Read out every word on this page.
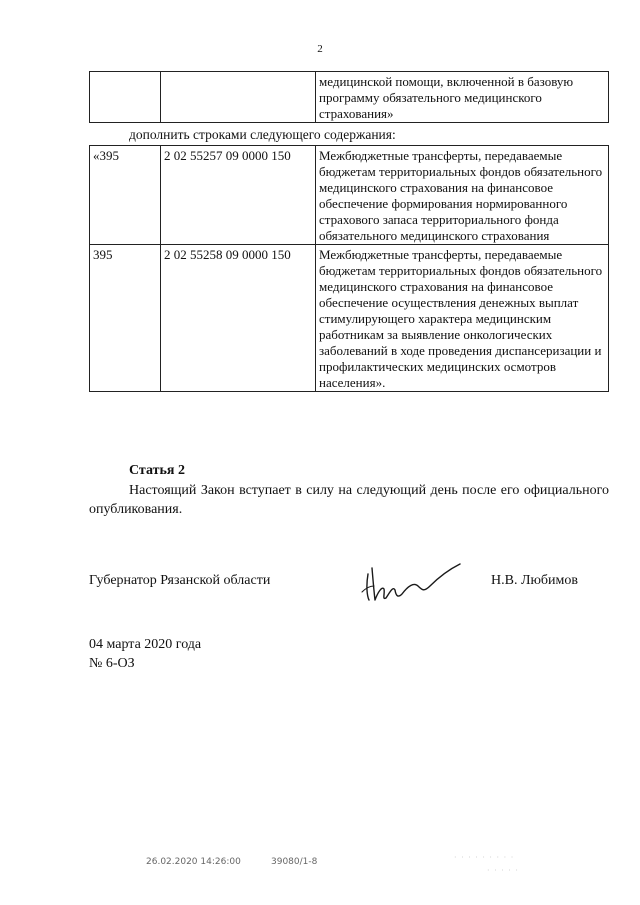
2
		медицинской помощи, включенной в базовую программу обязательного медицинского страхования»
дополнить строками следующего содержания:
«395	2 02 55257 09 0000 150	Межбюджетные трансферты, передаваемые бюджетам территориальных фондов обязательного медицинского страхования на финансовое обеспечение формирования нормированного страхового запаса территориального фонда обязательного медицинского страхования
395	2 02 55258 09 0000 150	Межбюджетные трансферты, передаваемые бюджетам территориальных фондов обязательного медицинского страхования на финансовое обеспечение осуществления денежных выплат стимулирующего характера медицинским работникам за выявление онкологических заболеваний в ходе проведения диспансеризации и профилактических медицинских осмотров населения».
Статья 2
Настоящий Закон вступает в силу на следующий день после его официального опубликования.
Губернатор Рязанской области	Н.В. Любимов
04 марта 2020 года
№ 6-ОЗ
26.02.2020 14:26:00	39080/1-8	· · · · · · · · ·
· · · · ·
